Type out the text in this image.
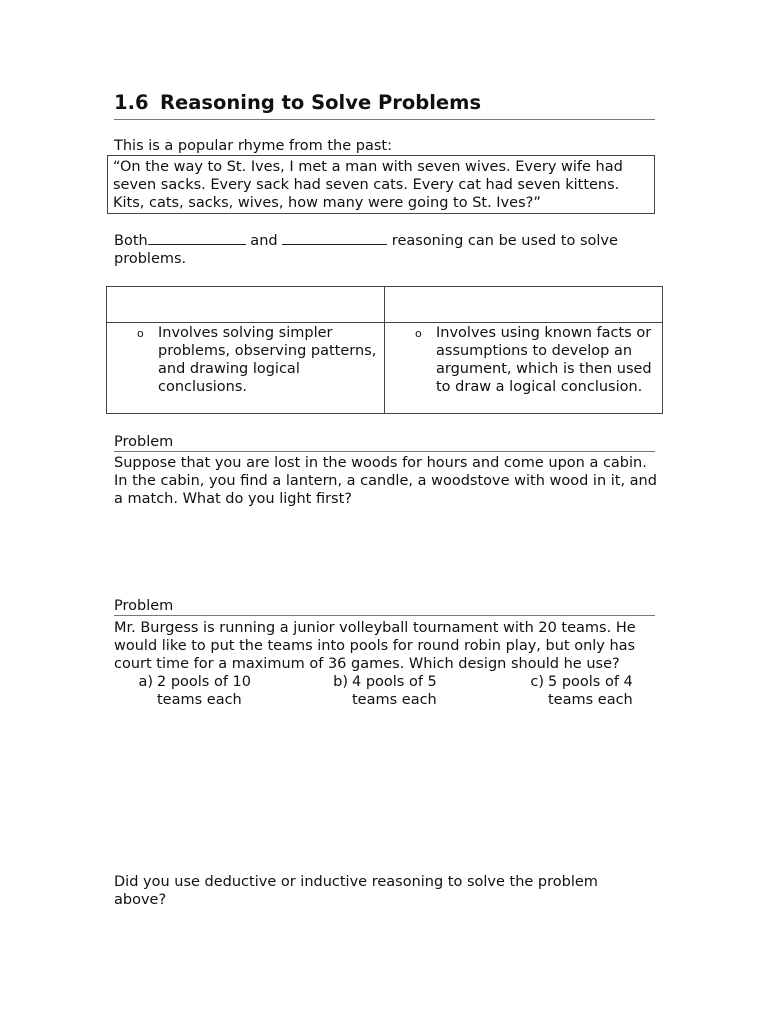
1.6 Reasoning to Solve Problems
This is a popular rhyme from the past:
“On the way to St. Ives, I met a man with seven wives. Every wife had seven sacks. Every sack had seven cats. Every cat had seven kittens. Kits, cats, sacks, wives, how many were going to St. Ives?”
Both	and	reasoning can be used to solve problems.

o Involves solving simpler problems, observing patterns, and drawing logical conclusions.	o Involves using known facts or assumptions to develop an argument, which is then used to draw a logical conclusion.
Problem
Suppose that you are lost in the woods for hours and come upon a cabin. In the cabin, you find a lantern, a candle, a woodstove with wood in it, and a match. What do you light first?
Problem
Mr. Burgess is running a junior volleyball tournament with 20 teams. He would like to put the teams into pools for round robin play, but only has court time for a maximum of 36 games. Which design should he use?
a) 2 pools of 10 teams each
b) 4 pools of 5 teams each
c) 5 pools of 4 teams each
Did you use deductive or inductive reasoning to solve the problem above?
